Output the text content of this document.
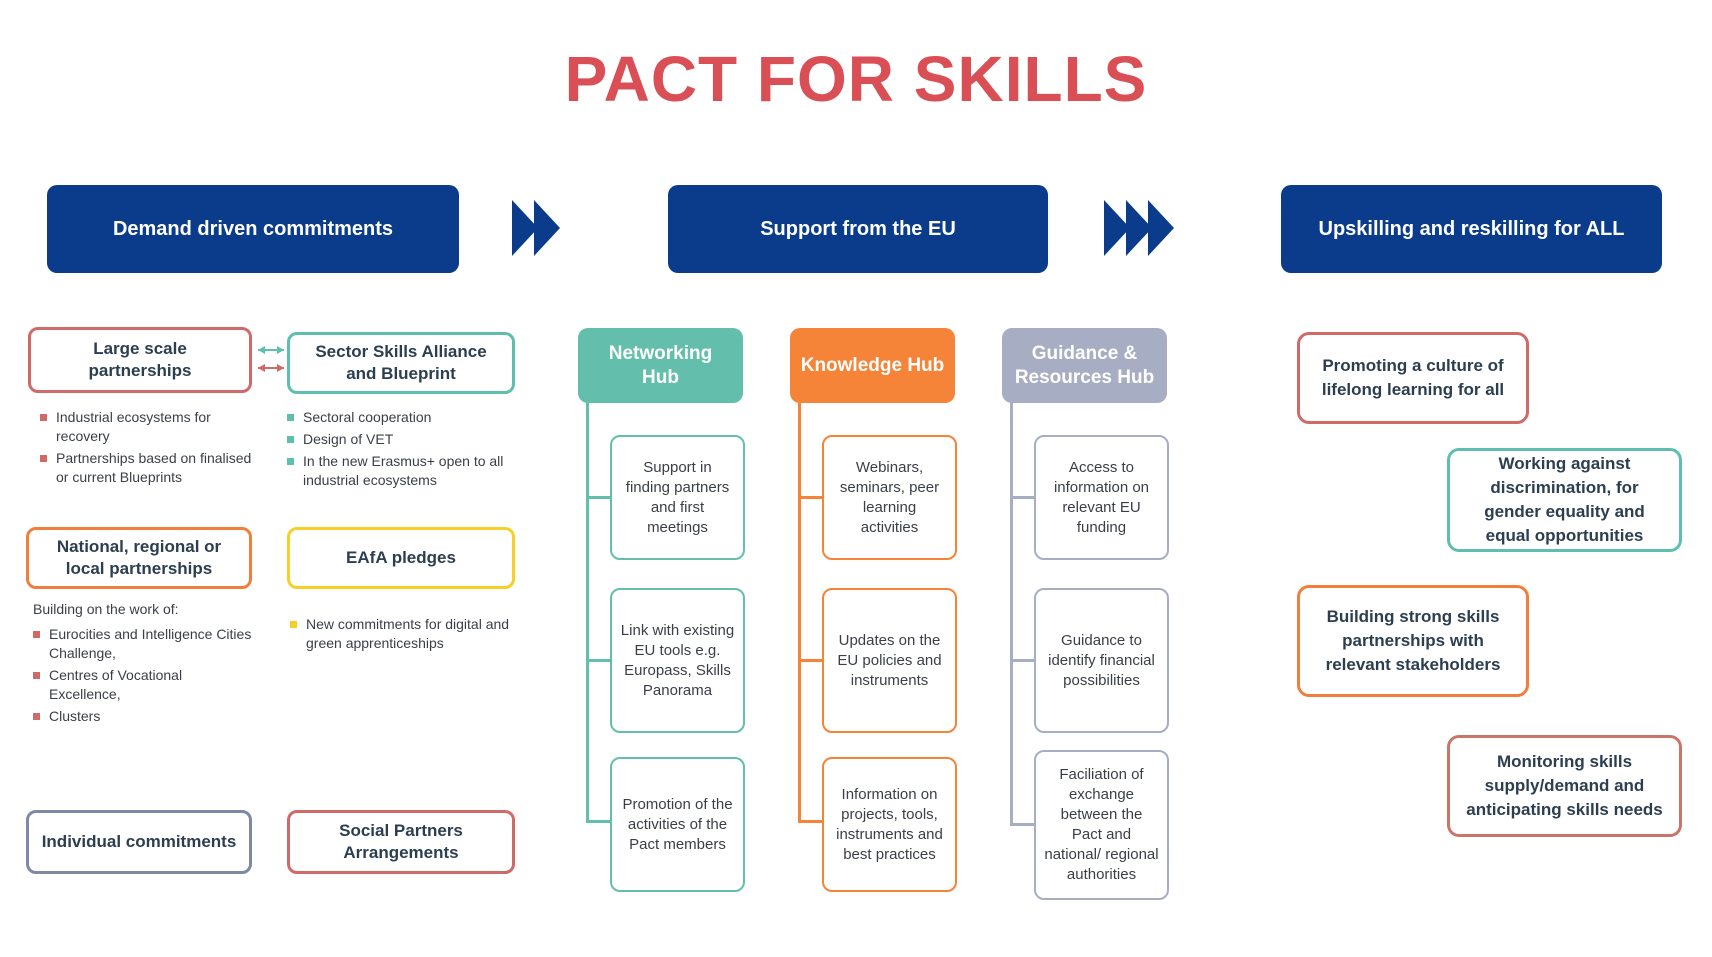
PACT FOR SKILLS
Demand driven commitments	Support from the EU	Upskilling and reskilling for ALL
Large scale partnerships
Sector Skills Alliance and Blueprint
Industrial ecosystems for recovery
Partnerships based on finalised or current Blueprints
Sectoral cooperation
Design of VET
In the new Erasmus+ open to all industrial ecosystems
National, regional or local partnerships
EAfA pledges
Building on the work of:
Eurocities and Intelligence Cities Challenge,
Centres of Vocational Excellence,
Clusters
New commitments for digital and green apprenticeships
Individual commitments
Social Partners Arrangements
Networking Hub
Support in finding partners and first meetings
Link with existing EU tools e.g. Europass, Skills Panorama
Promotion of the activities of the Pact members
Knowledge Hub
Webinars, seminars, peer learning activities
Updates on the EU policies and instruments
Information on projects, tools, instruments and best practices
Guidance & Resources Hub
Access to information on relevant EU funding
Guidance to identify financial possibilities
Faciliation of exchange between the Pact and national/ regional authorities
Promoting a culture of lifelong learning for all
Working against discrimination, for gender equality and equal opportunities
Building strong skills partnerships with relevant stakeholders
Monitoring skills supply/demand and anticipating skills needs
